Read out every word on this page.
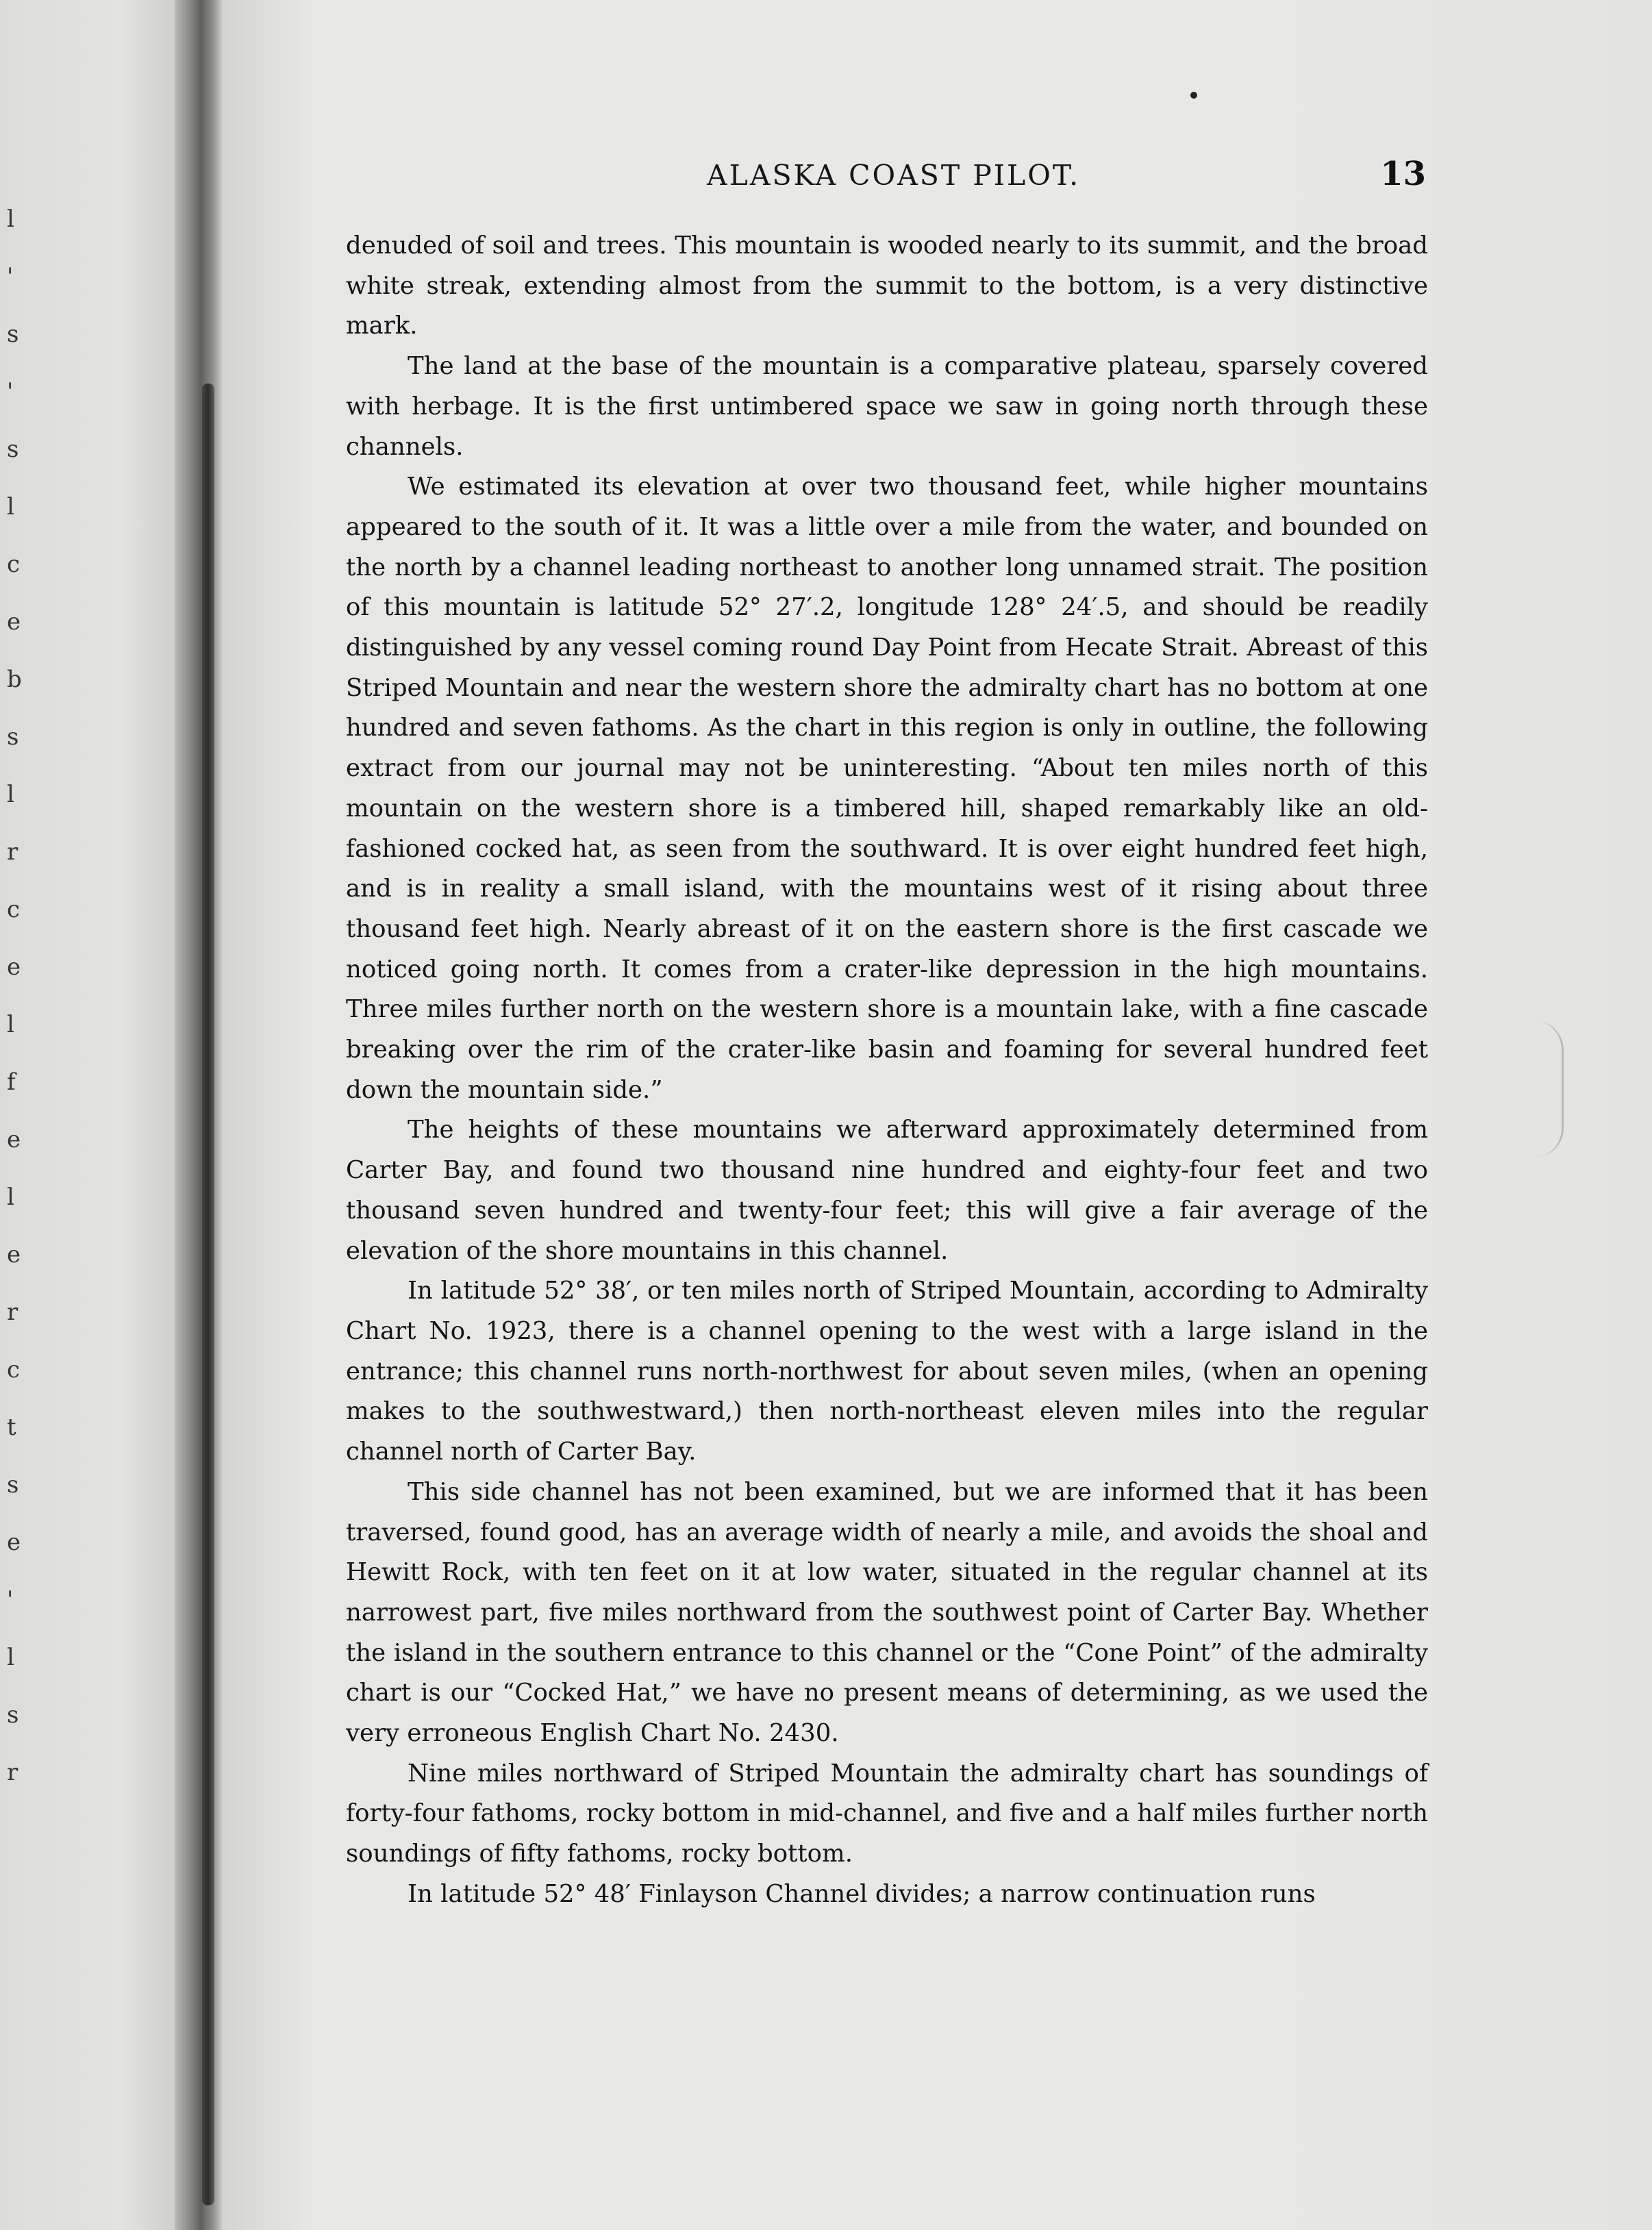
l
'
s
'
s
l
c
e
b
s
l
r
c
e
l
f
e
l
e
r
c
t
s
e
'
l
s
r
ALASKA COAST PILOT.	13

denuded of soil and trees. This mountain is wooded nearly to its summit, and the broad white streak, extending almost from the summit to the bottom, is a very distinctive mark.

The land at the base of the mountain is a comparative plateau, sparsely covered with herbage. It is the first untimbered space we saw in going north through these channels.

We estimated its elevation at over two thousand feet, while higher mountains appeared to the south of it. It was a little over a mile from the water, and bounded on the north by a channel leading northeast to another long unnamed strait. The position of this mountain is latitude 52° 27′.2, longitude 128° 24′.5, and should be readily distinguished by any vessel coming round Day Point from Hecate Strait. Abreast of this Striped Mountain and near the western shore the admiralty chart has no bottom at one hundred and seven fathoms. As the chart in this region is only in outline, the following extract from our journal may not be uninteresting. “About ten miles north of this mountain on the western shore is a timbered hill, shaped remarkably like an old-fashioned cocked hat, as seen from the southward. It is over eight hundred feet high, and is in reality a small island, with the mountains west of it rising about three thousand feet high. Nearly abreast of it on the eastern shore is the first cascade we noticed going north. It comes from a crater-like depression in the high mountains. Three miles further north on the western shore is a mountain lake, with a fine cascade breaking over the rim of the crater-like basin and foaming for several hundred feet down the mountain side.”

The heights of these mountains we afterward approximately determined from Carter Bay, and found two thousand nine hundred and eighty-four feet and two thousand seven hundred and twenty-four feet; this will give a fair average of the elevation of the shore mountains in this channel.

In latitude 52° 38′, or ten miles north of Striped Mountain, according to Admiralty Chart No. 1923, there is a channel opening to the west with a large island in the entrance; this channel runs north-northwest for about seven miles, (when an opening makes to the southwestward,) then north-northeast eleven miles into the regular channel north of Carter Bay.

This side channel has not been examined, but we are informed that it has been traversed, found good, has an average width of nearly a mile, and avoids the shoal and Hewitt Rock, with ten feet on it at low water, situated in the regular channel at its narrowest part, five miles northward from the southwest point of Carter Bay. Whether the island in the southern entrance to this channel or the “Cone Point” of the admiralty chart is our “Cocked Hat,” we have no present means of determining, as we used the very erroneous English Chart No. 2430.

Nine miles northward of Striped Mountain the admiralty chart has soundings of forty-four fathoms, rocky bottom in mid-channel, and five and a half miles further north soundings of fifty fathoms, rocky bottom.

In latitude 52° 48′ Finlayson Channel divides; a narrow continuation runs
